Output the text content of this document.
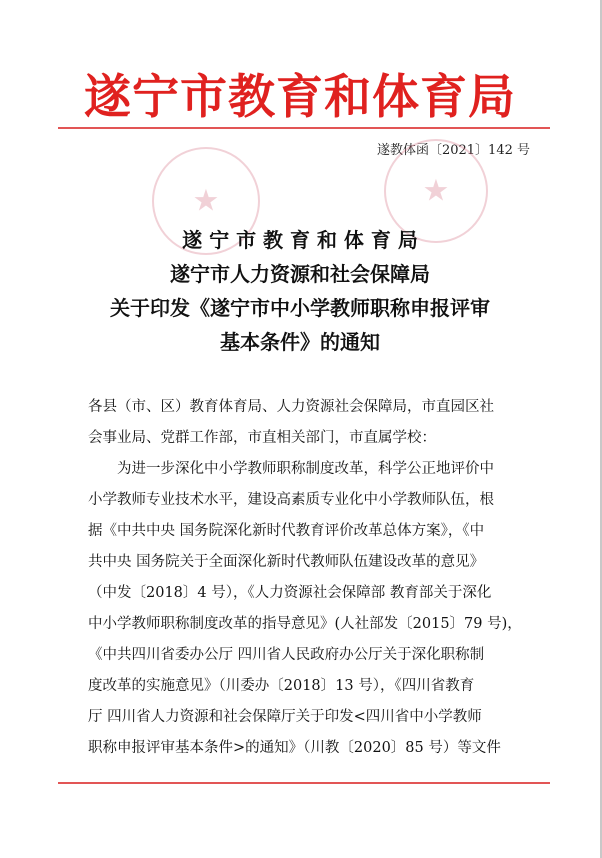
遂宁市教育和体育局
遂教体函〔2021〕142 号
★	★
遂 宁 市 教 育 和 体 育 局
遂宁市人力资源和社会保障局
关于印发《遂宁市中小学教师职称申报评审
基本条件》的通知
各县（市、区）教育体育局、人力资源社会保障局，市直园区社
会事业局、党群工作部，市直相关部门，市直属学校：
为进一步深化中小学教师职称制度改革，科学公正地评价中
小学教师专业技术水平，建设高素质专业化中小学教师队伍，根
据《中共中央 国务院深化新时代教育评价改革总体方案》，《中
共中央 国务院关于全面深化新时代教师队伍建设改革的意见》
（中发〔2018〕4 号），《人力资源社会保障部 教育部关于深化
中小学教师职称制度改革的指导意见》(人社部发〔2015〕79 号)，
《中共四川省委办公厅 四川省人民政府办公厅关于深化职称制
度改革的实施意见》（川委办〔2018〕13 号），《四川省教育
厅 四川省人力资源和社会保障厅关于印发<四川省中小学教师
职称申报评审基本条件>的通知》（川教〔2020〕85 号）等文件
